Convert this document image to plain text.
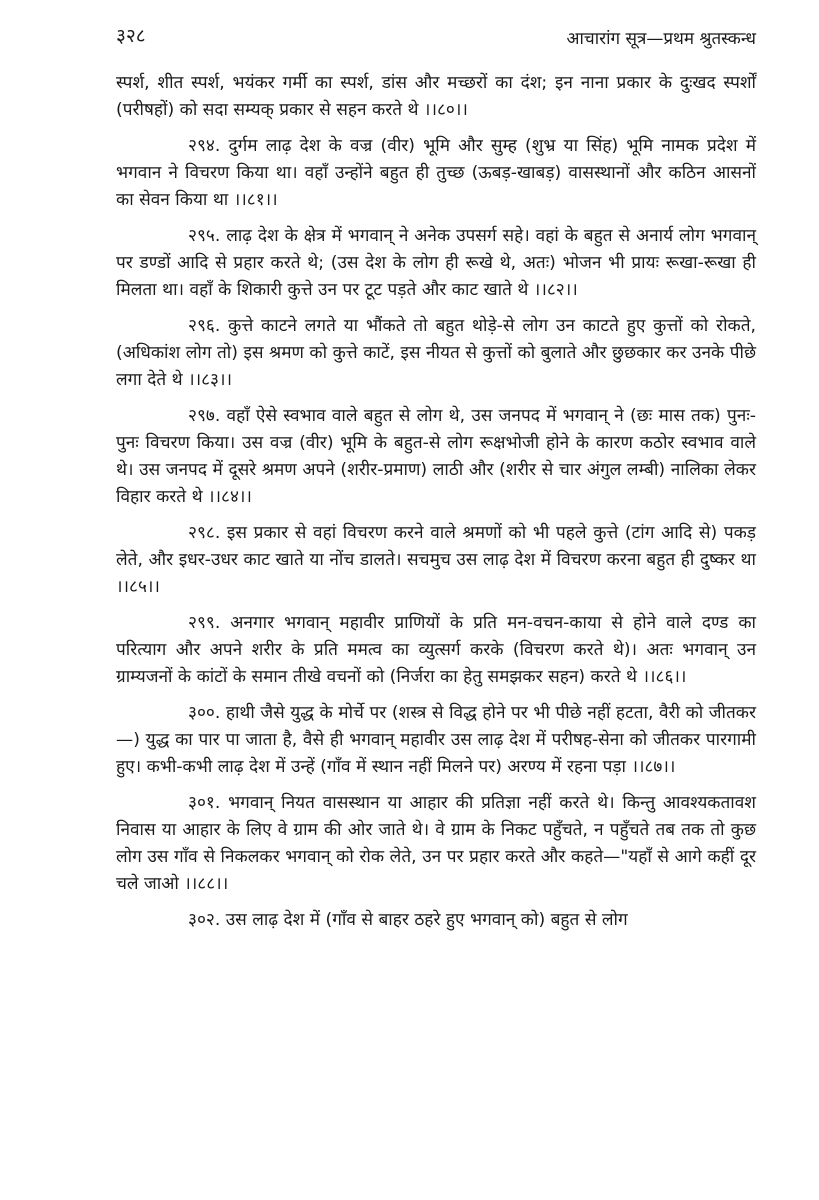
३२८	आचारांग सूत्र—प्रथम श्रुतस्कन्ध

स्पर्श, शीत स्पर्श, भयंकर गर्मी का स्पर्श, डांस और मच्छरों का दंश; इन नाना प्रकार के दुःखद स्पर्शों (परीषहों) को सदा सम्यक् प्रकार से सहन करते थे ।।८०।।

२९४. दुर्गम लाढ़ देश के वज्र (वीर) भूमि और सुम्ह (शुभ्र या सिंह) भूमि नामक प्रदेश में भगवान ने विचरण किया था। वहाँ उन्होंने बहुत ही तुच्छ (ऊबड़-खाबड़) वासस्थानों और कठिन आसनों का सेवन किया था ।।८१।।

२९५. लाढ़ देश के क्षेत्र में भगवान् ने अनेक उपसर्ग सहे। वहां के बहुत से अनार्य लोग भगवान् पर डण्डों आदि से प्रहार करते थे; (उस देश के लोग ही रूखे थे, अतः) भोजन भी प्रायः रूखा-रूखा ही मिलता था। वहाँ के शिकारी कुत्ते उन पर टूट पड़ते और काट खाते थे ।।८२।।

२९६. कुत्ते काटने लगते या भौंकते तो बहुत थोड़े-से लोग उन काटते हुए कुत्तों को रोकते, (अधिकांश लोग तो) इस श्रमण को कुत्ते काटें, इस नीयत से कुत्तों को बुलाते और छुछकार कर उनके पीछे लगा देते थे ।।८३।।

२९७. वहाँ ऐसे स्वभाव वाले बहुत से लोग थे, उस जनपद में भगवान् ने (छः मास तक) पुनः-पुनः विचरण किया। उस वज्र (वीर) भूमि के बहुत-से लोग रूक्षभोजी होने के कारण कठोर स्वभाव वाले थे। उस जनपद में दूसरे श्रमण अपने (शरीर-प्रमाण) लाठी और (शरीर से चार अंगुल लम्बी) नालिका लेकर विहार करते थे ।।८४।।

२९८. इस प्रकार से वहां विचरण करने वाले श्रमणों को भी पहले कुत्ते (टांग आदि से) पकड़ लेते, और इधर-उधर काट खाते या नोंच डालते। सचमुच उस लाढ़ देश में विचरण करना बहुत ही दुष्कर था ।।८५।।

२९९. अनगार भगवान् महावीर प्राणियों के प्रति मन-वचन-काया से होने वाले दण्ड का परित्याग और अपने शरीर के प्रति ममत्व का व्युत्सर्ग करके (विचरण करते थे)। अतः भगवान् उन ग्राम्यजनों के कांटों के समान तीखे वचनों को (निर्जरा का हेतु समझकर सहन) करते थे ।।८६।।

३००. हाथी जैसे युद्ध के मोर्चे पर (शस्त्र से विद्ध होने पर भी पीछे नहीं हटता, वैरी को जीतकर—) युद्ध का पार पा जाता है, वैसे ही भगवान् महावीर उस लाढ़ देश में परीषह-सेना को जीतकर पारगामी हुए। कभी-कभी लाढ़ देश में उन्हें (गाँव में स्थान नहीं मिलने पर) अरण्य में रहना पड़ा ।।८७।।

३०१. भगवान् नियत वासस्थान या आहार की प्रतिज्ञा नहीं करते थे। किन्तु आवश्यकतावश निवास या आहार के लिए वे ग्राम की ओर जाते थे। वे ग्राम के निकट पहुँचते, न पहुँचते तब तक तो कुछ लोग उस गाँव से निकलकर भगवान् को रोक लेते, उन पर प्रहार करते और कहते—"यहाँ से आगे कहीं दूर चले जाओ ।।८८।।

३०२. उस लाढ़ देश में (गाँव से बाहर ठहरे हुए भगवान् को) बहुत से लोग
